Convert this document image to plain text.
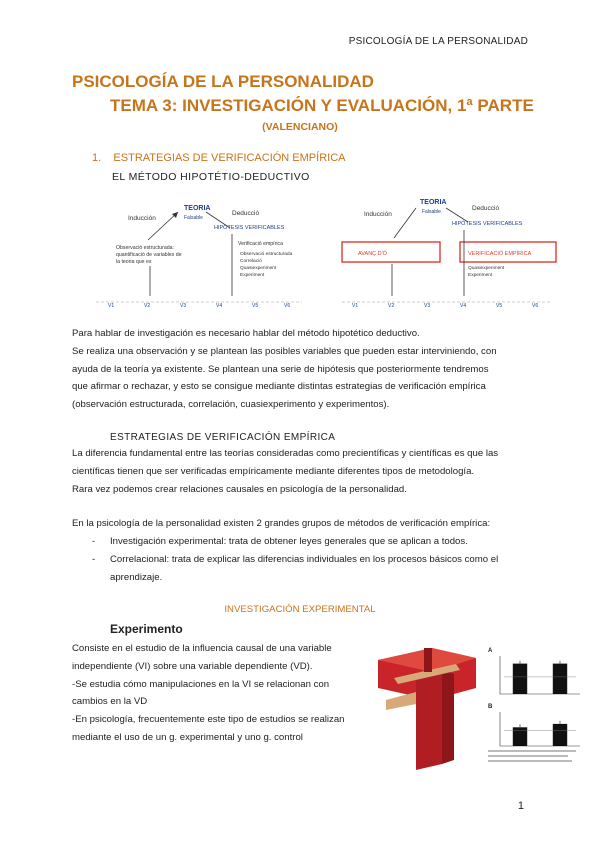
PSICOLOGÍA DE LA PERSONALIDAD
PSICOLOGÍA DE LA PERSONALIDAD
TEMA 3: INVESTIGACIÓN Y EVALUACIÓN, 1ª PARTE
(VALENCIANO)
1. ESTRATEGIAS DE VERIFICACIÓN EMPÍRICA
EL MÉTODO HIPOTÉTIO-DEDUCTIVO
TEORIA
Falsable
Inducción
Deducció
HIPÒTESIS VERIFICABLES
Observació estructurada:
quantificació de variables de
la teoria que es
Verificació empírica
Observació estructurada
Correlació
Quasiexperiment
Experiment
V1	V2	V3	V4	V5	V6
TEORIA
Falsable
Inducción
Deducció
HIPÒTESIS VERIFICABLES
AVANÇ D'Ó	VERIFICACIÓ EMPÍRICA
Quasiexperiment
Experiment
V1	V2	V3	V4	V5	V6
Para hablar de investigación es necesario hablar del método hipotético deductivo.
Se realiza una observación y se plantean las posibles variables que pueden estar interviniendo, con
ayuda de la teoría ya existente. Se plantean una serie de hipótesis que posteriormente tendremos
que afirmar o rechazar, y esto se consigue mediante distintas estrategias de verificación empírica
(observación estructurada, correlación, cuasiexperimento y experimentos).
ESTRATEGIAS DE VERIFICACIÓN EMPÍRICA
La diferencia fundamental entre las teorías consideradas como precientíficas y científicas es que las
científicas tienen que ser verificadas empíricamente mediante diferentes tipos de metodología.
Rara vez podemos crear relaciones causales en psicología de la personalidad.
En la psicología de la personalidad existen 2 grandes grupos de métodos de verificación empírica:
-	Investigación experimental: trata de obtener leyes generales que se aplican a todos.
-	Correlacional: trata de explicar las diferencias individuales en los procesos básicos como el
aprendizaje.
INVESTIGACIÓN EXPERIMENTAL
Experimento
Consiste en el estudio de la influencia causal de una variable
independiente (VI) sobre una variable dependiente (VD).
-Se estudia cómo manipulaciones en la VI se relacionan con
cambios en la VD
-En psicología, frecuentemente este tipo de estudios se realizan
mediante el uso de un g. experimental y uno g. control
A
B
1
